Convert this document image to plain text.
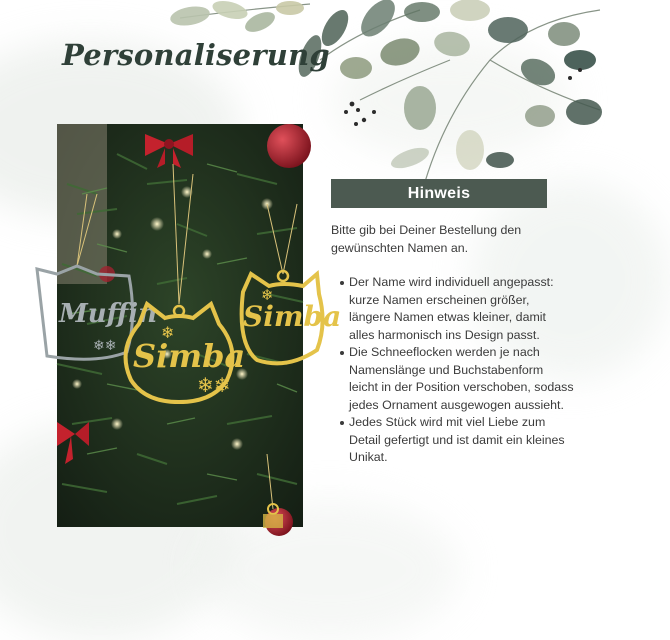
Personaliserung
Muffin
❄❄ Simba
❄
❄❄
Simba
❄
Hinweis

Bitte gib bei Deiner Bestellung den gewünschten Namen an.

Der Name wird individuell angepasst: kurze Namen erscheinen größer, längere Namen etwas kleiner, damit alles harmonisch ins Design passt.
Die Schneeflocken werden je nach Namenslänge und Buchstabenform leicht in der Position verschoben, sodass jedes Ornament ausgewogen aussieht.
Jedes Stück wird mit viel Liebe zum Detail gefertigt und ist damit ein kleines Unikat.
